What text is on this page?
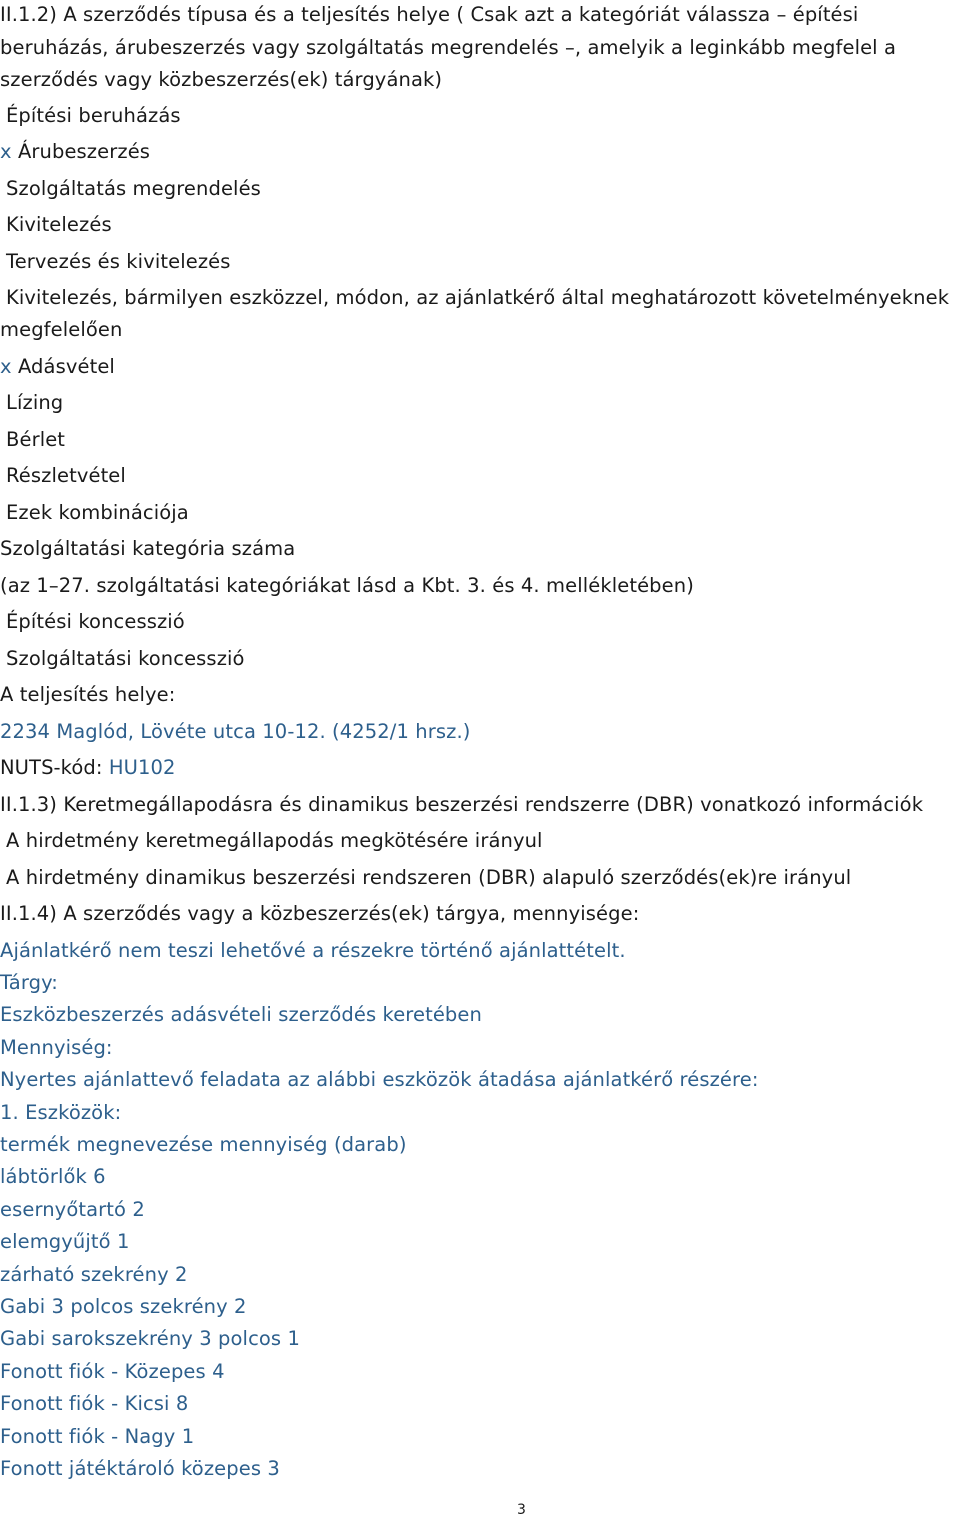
II.1.2) A szerződés típusa és a teljesítés helye ( Csak azt a kategóriát válassza – építési
beruházás, árubeszerzés vagy szolgáltatás megrendelés –, amelyik a leginkább megfelel a
szerződés vagy közbeszerzés(ek) tárgyának)
Építési beruházás
x Árubeszerzés
Szolgáltatás megrendelés
Kivitelezés
Tervezés és kivitelezés
Kivitelezés, bármilyen eszközzel, módon, az ajánlatkérő által meghatározott követelményeknek
megfelelően
x Adásvétel
Lízing
Bérlet
Részletvétel
Ezek kombinációja
Szolgáltatási kategória száma
(az 1–27. szolgáltatási kategóriákat lásd a Kbt. 3. és 4. mellékletében)
Építési koncesszió
Szolgáltatási koncesszió
A teljesítés helye:
2234 Maglód, Lövéte utca 10-12. (4252/1 hrsz.)
NUTS-kód: HU102
II.1.3) Keretmegállapodásra és dinamikus beszerzési rendszerre (DBR) vonatkozó információk
A hirdetmény keretmegállapodás megkötésére irányul
A hirdetmény dinamikus beszerzési rendszeren (DBR) alapuló szerződés(ek)re irányul
II.1.4) A szerződés vagy a közbeszerzés(ek) tárgya, mennyisége:
Ajánlatkérő nem teszi lehetővé a részekre történő ajánlattételt.
Tárgy:
Eszközbeszerzés adásvételi szerződés keretében
Mennyiség:
Nyertes ajánlattevő feladata az alábbi eszközök átadása ajánlatkérő részére:
1. Eszközök:
termék megnevezése mennyiség (darab)
lábtörlők 6
esernyőtartó 2
elemgyűjtő 1
zárható szekrény 2
Gabi 3 polcos szekrény 2
Gabi sarokszekrény 3 polcos 1
Fonott fiók - Közepes 4
Fonott fiók - Kicsi 8
Fonott fiók - Nagy 1
Fonott játéktároló közepes 3
3
